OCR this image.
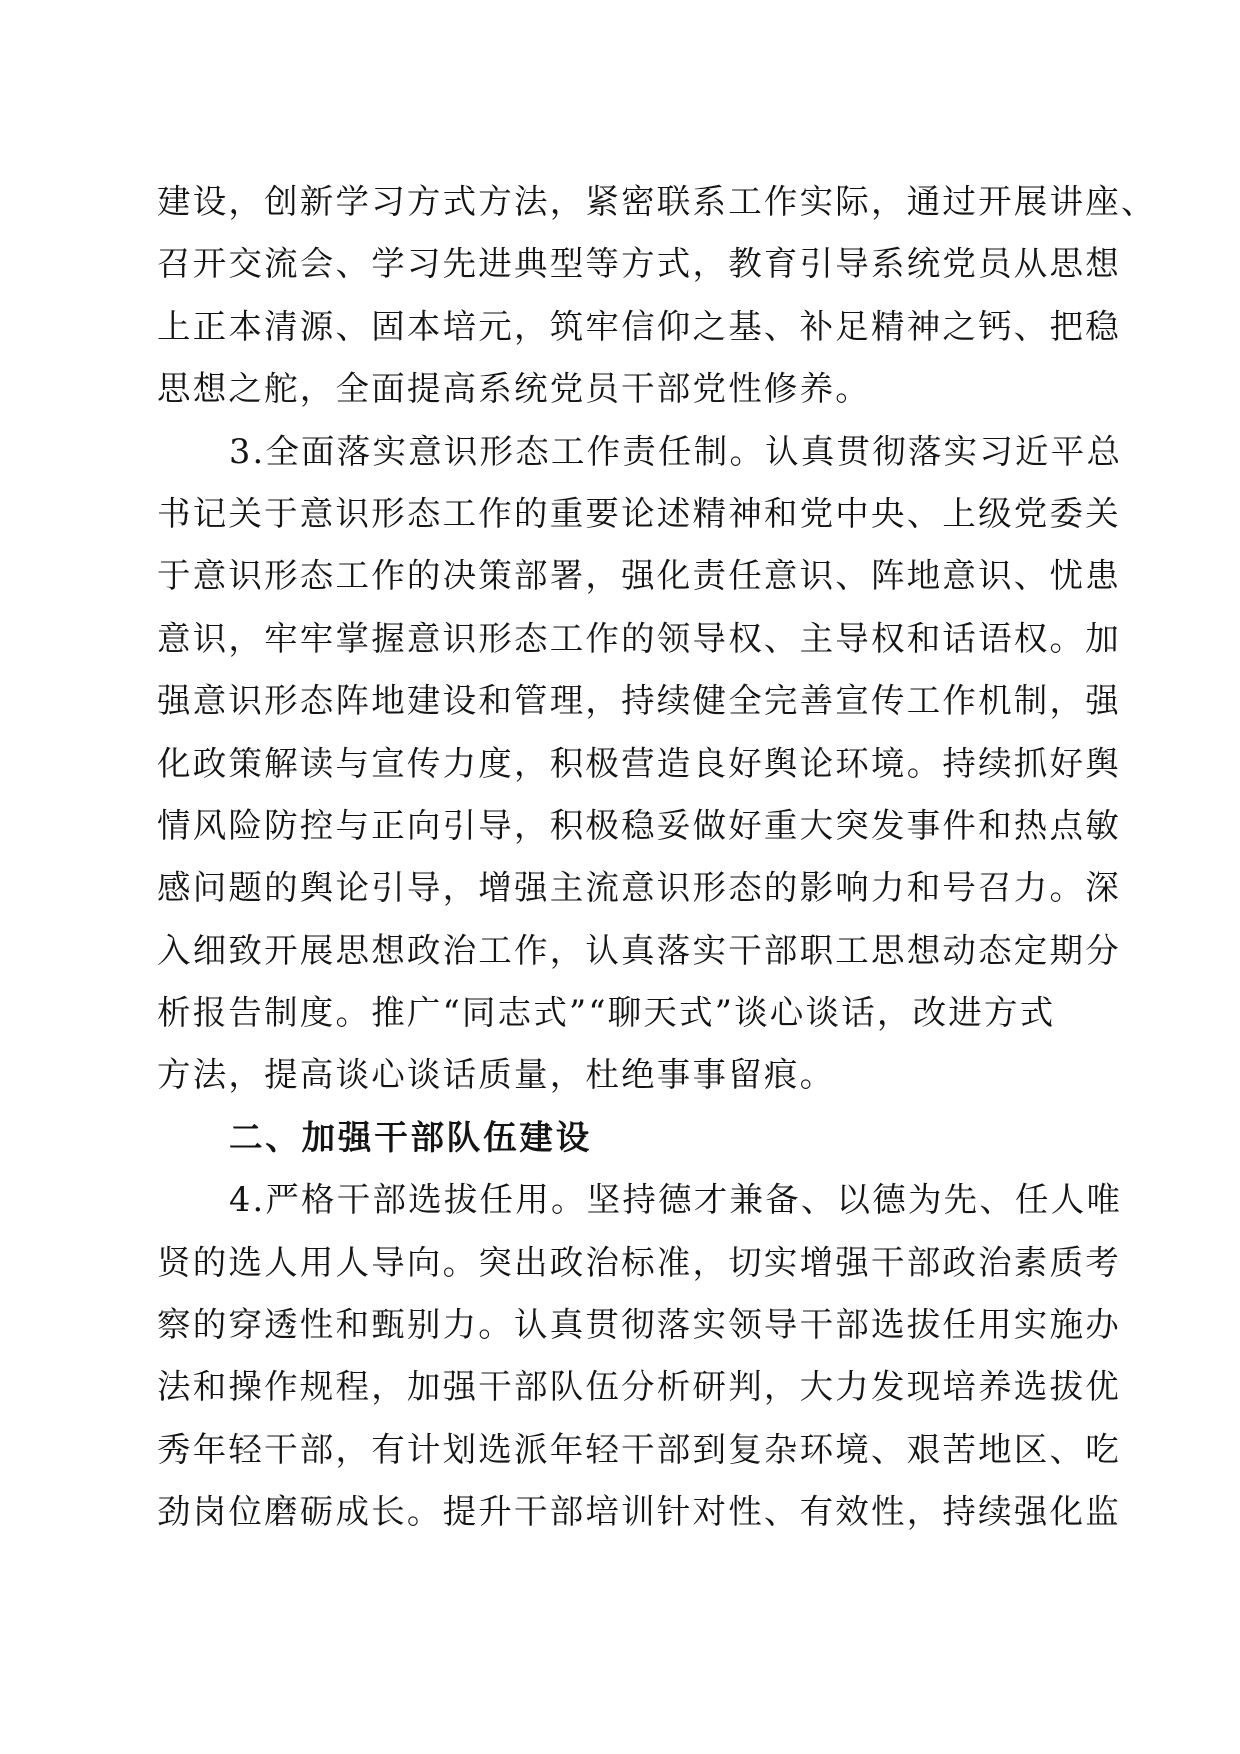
建设，创新学习方式方法，紧密联系工作实际，通过开展讲座、
召开交流会、学习先进典型等方式，教育引导系统党员从思想
上正本清源、固本培元，筑牢信仰之基、补足精神之钙、把稳
思想之舵，全面提高系统党员干部党性修养。
3.全面落实意识形态工作责任制。认真贯彻落实习近平总
书记关于意识形态工作的重要论述精神和党中央、上级党委关
于意识形态工作的决策部署，强化责任意识、阵地意识、忧患
意识，牢牢掌握意识形态工作的领导权、主导权和话语权。加
强意识形态阵地建设和管理，持续健全完善宣传工作机制，强
化政策解读与宣传力度，积极营造良好舆论环境。持续抓好舆
情风险防控与正向引导，积极稳妥做好重大突发事件和热点敏
感问题的舆论引导，增强主流意识形态的影响力和号召力。深
入细致开展思想政治工作，认真落实干部职工思想动态定期分
析报告制度。推广“同志式”“聊天式”谈心谈话，改进方式
方法，提高谈心谈话质量，杜绝事事留痕。
二、加强干部队伍建设
4.严格干部选拔任用。坚持德才兼备、以德为先、任人唯
贤的选人用人导向。突出政治标准，切实增强干部政治素质考
察的穿透性和甄别力。认真贯彻落实领导干部选拔任用实施办
法和操作规程，加强干部队伍分析研判，大力发现培养选拔优
秀年轻干部，有计划选派年轻干部到复杂环境、艰苦地区、吃
劲岗位磨砺成长。提升干部培训针对性、有效性，持续强化监
